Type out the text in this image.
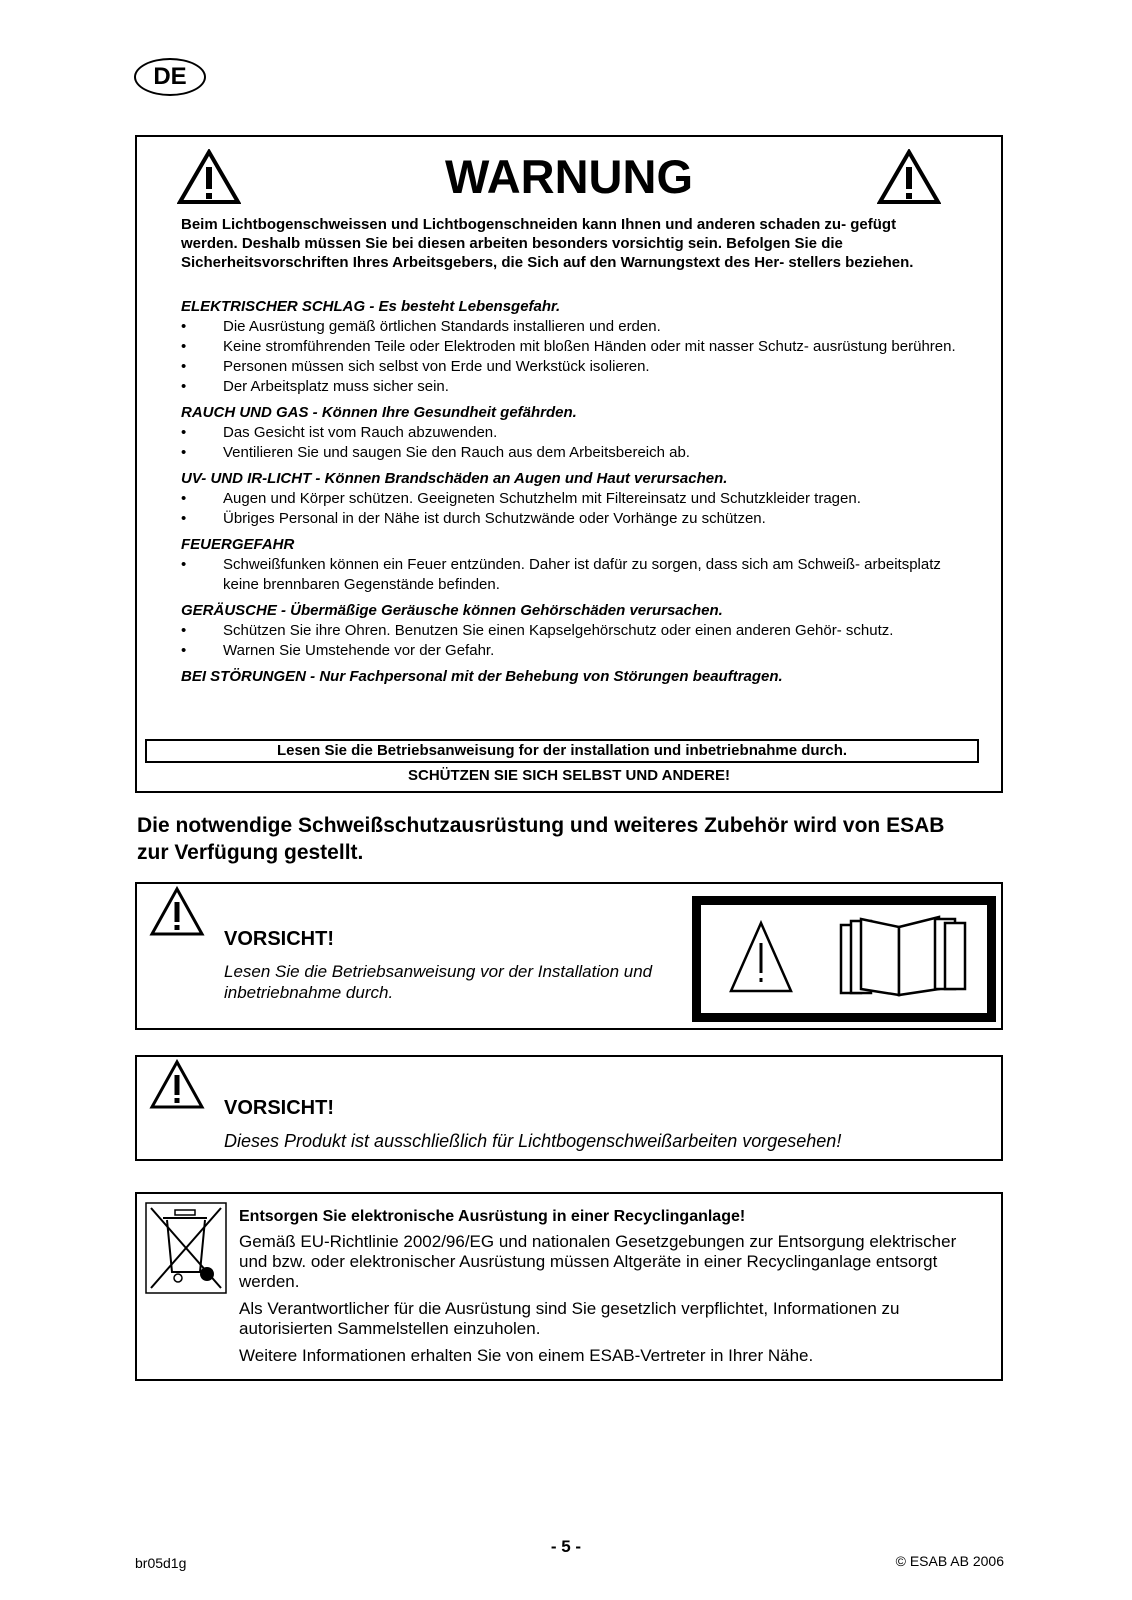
DE
WARNUNG
Beim Lichtbogenschweissen und Lichtbogenschneiden kann Ihnen und anderen schaden zu- gefügt werden. Deshalb müssen Sie bei diesen arbeiten besonders vorsichtig sein. Befolgen Sie die Sicherheitsvorschriften Ihres Arbeitsgebers, die Sich auf den Warnungstext des Her- stellers beziehen.
ELEKTRISCHER SCHLAG - Es besteht Lebensgefahr.
• Die Ausrüstung gemäß örtlichen Standards installieren und erden.
• Keine stromführenden Teile oder Elektroden mit bloßen Händen oder mit nasser Schutz- ausrüstung berühren.
• Personen müssen sich selbst von Erde und Werkstück isolieren.
• Der Arbeitsplatz muss sicher sein.
RAUCH UND GAS - Können Ihre Gesundheit gefährden.
• Das Gesicht ist vom Rauch abzuwenden.
• Ventilieren Sie und saugen Sie den Rauch aus dem Arbeitsbereich ab.
UV- UND IR-LICHT - Können Brandschäden an Augen und Haut verursachen.
• Augen und Körper schützen. Geeigneten Schutzhelm mit Filtereinsatz und Schutzkleider tragen.
• Übriges Personal in der Nähe ist durch Schutzwände oder Vorhänge zu schützen.
FEUERGEFAHR
• Schweißfunken können ein Feuer entzünden. Daher ist dafür zu sorgen, dass sich am Schweiß- arbeitsplatz keine brennbaren Gegenstände befinden.
GERÄUSCHE - Übermäßige Geräusche können Gehörschäden verursachen.
• Schützen Sie ihre Ohren. Benutzen Sie einen Kapselgehörschutz oder einen anderen Gehör- schutz.
• Warnen Sie Umstehende vor der Gefahr.
BEI STÖRUNGEN - Nur Fachpersonal mit der Behebung von Störungen beauftragen.
Lesen Sie die Betriebsanweisung for der installation und inbetriebnahme durch.
SCHÜTZEN SIE SICH SELBST UND ANDERE!
Die notwendige Schweißschutzausrüstung und weiteres Zubehör wird von ESAB zur Verfügung gestellt.
VORSICHT!
Lesen Sie die Betriebsanweisung vor der Installation und inbetriebnahme durch.
VORSICHT!
Dieses Produkt ist ausschließlich für Lichtbogenschweißarbeiten vorgesehen!
Entsorgen Sie elektronische Ausrüstung in einer Recyclinganlage!

Gemäß EU-Richtlinie 2002/96/EG und nationalen Gesetzgebungen zur Entsorgung elektrischer und bzw. oder elektronischer Ausrüstung müssen Altgeräte in einer Recyclinganlage entsorgt werden.

Als Verantwortlicher für die Ausrüstung sind Sie gesetzlich verpflichtet, Informationen zu autorisierten Sammelstellen einzuholen.

Weitere Informationen erhalten Sie von einem ESAB-Vertreter in Ihrer Nähe.

- 5 -
br05d1g	© ESAB AB 2006
